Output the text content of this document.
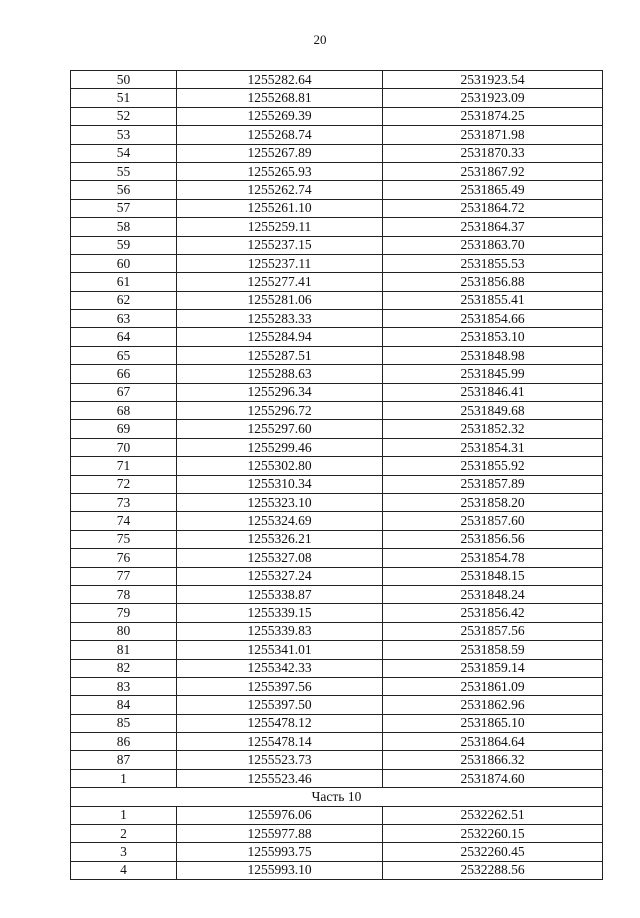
20
50	1255282.64	2531923.54
51	1255268.81	2531923.09
52	1255269.39	2531874.25
53	1255268.74	2531871.98
54	1255267.89	2531870.33
55	1255265.93	2531867.92
56	1255262.74	2531865.49
57	1255261.10	2531864.72
58	1255259.11	2531864.37
59	1255237.15	2531863.70
60	1255237.11	2531855.53
61	1255277.41	2531856.88
62	1255281.06	2531855.41
63	1255283.33	2531854.66
64	1255284.94	2531853.10
65	1255287.51	2531848.98
66	1255288.63	2531845.99
67	1255296.34	2531846.41
68	1255296.72	2531849.68
69	1255297.60	2531852.32
70	1255299.46	2531854.31
71	1255302.80	2531855.92
72	1255310.34	2531857.89
73	1255323.10	2531858.20
74	1255324.69	2531857.60
75	1255326.21	2531856.56
76	1255327.08	2531854.78
77	1255327.24	2531848.15
78	1255338.87	2531848.24
79	1255339.15	2531856.42
80	1255339.83	2531857.56
81	1255341.01	2531858.59
82	1255342.33	2531859.14
83	1255397.56	2531861.09
84	1255397.50	2531862.96
85	1255478.12	2531865.10
86	1255478.14	2531864.64
87	1255523.73	2531866.32
1	1255523.46	2531874.60
Часть 10		
1	1255976.06	2532262.51
2	1255977.88	2532260.15
3	1255993.75	2532260.45
4	1255993.10	2532288.56
